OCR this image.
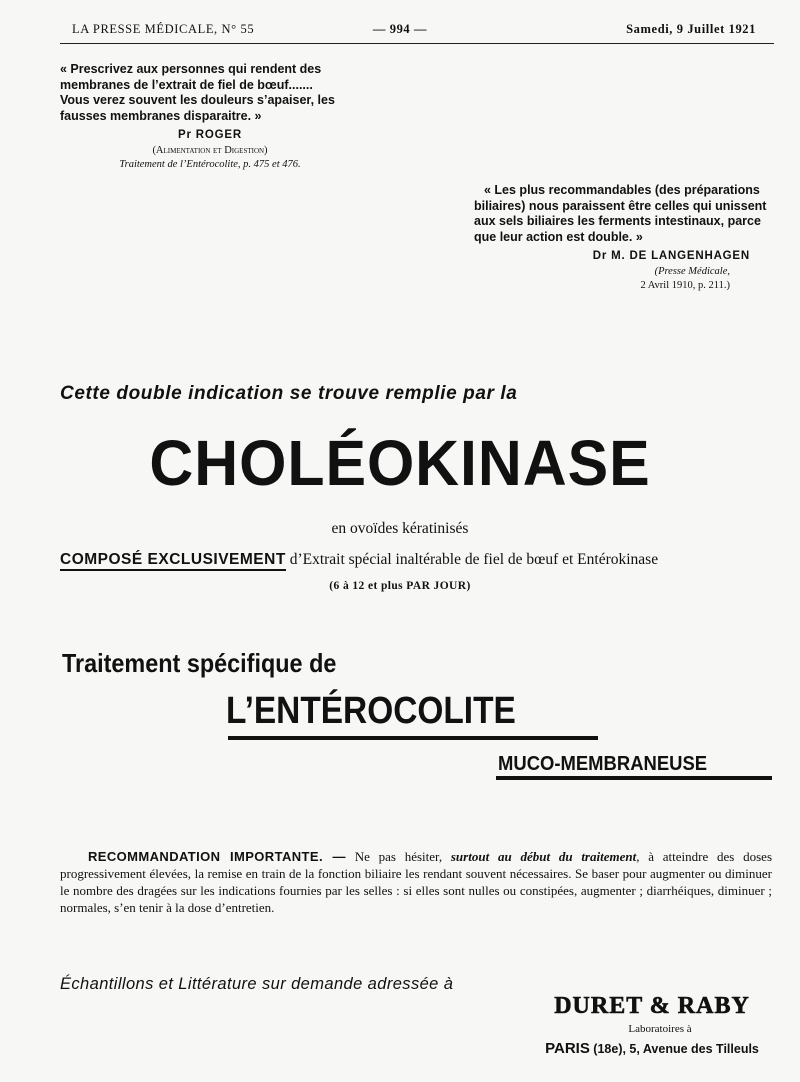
LA PRESSE MÉDICALE, N° 55	— 994 —	Samedi, 9 Juillet 1921
« Prescrivez aux personnes qui rendent des
membranes de l’extrait de fiel de bœuf.......
Vous verez souvent les douleurs s’apaiser, les
fausses membranes disparaitre. »
Pr ROGER
(Alimentation et Digestion)
Traitement de l’Entérocolite, p. 475 et 476.
« Les plus recommandables (des préparations
biliaires) nous paraissent être celles qui unissent
aux sels biliaires les ferments intestinaux, parce
que leur action est double. »
Dr M. DE LANGENHAGEN
(Presse Médicale,
2 Avril 1910, p. 211.)
Cette double indication se trouve remplie par la
CHOLÉOKINASE
en ovoïdes kératinisés
COMPOSÉ EXCLUSIVEMENT d’Extrait spécial inaltérable de fiel de bœuf et Entérokinase
(6 à 12 et plus PAR JOUR)
Traitement spécifique de
L’ENTÉROCOLITE
MUCO-MEMBRANEUSE
RECOMMANDATION IMPORTANTE. — Ne pas hésiter, surtout au début du traitement, à atteindre des doses progressivement élevées, la remise en train de la fonction biliaire les rendant souvent nécessaires. Se baser pour augmenter ou diminuer le nombre des dragées sur les indications fournies par les selles : si elles sont nulles ou constipées, augmenter ; diarrhéiques, diminuer ; normales, s’en tenir à la dose d’entretien.
Échantillons et Littérature sur demande adressée à
DURET & RABY
Laboratoires à
PARIS (18e), 5, Avenue des Tilleuls
